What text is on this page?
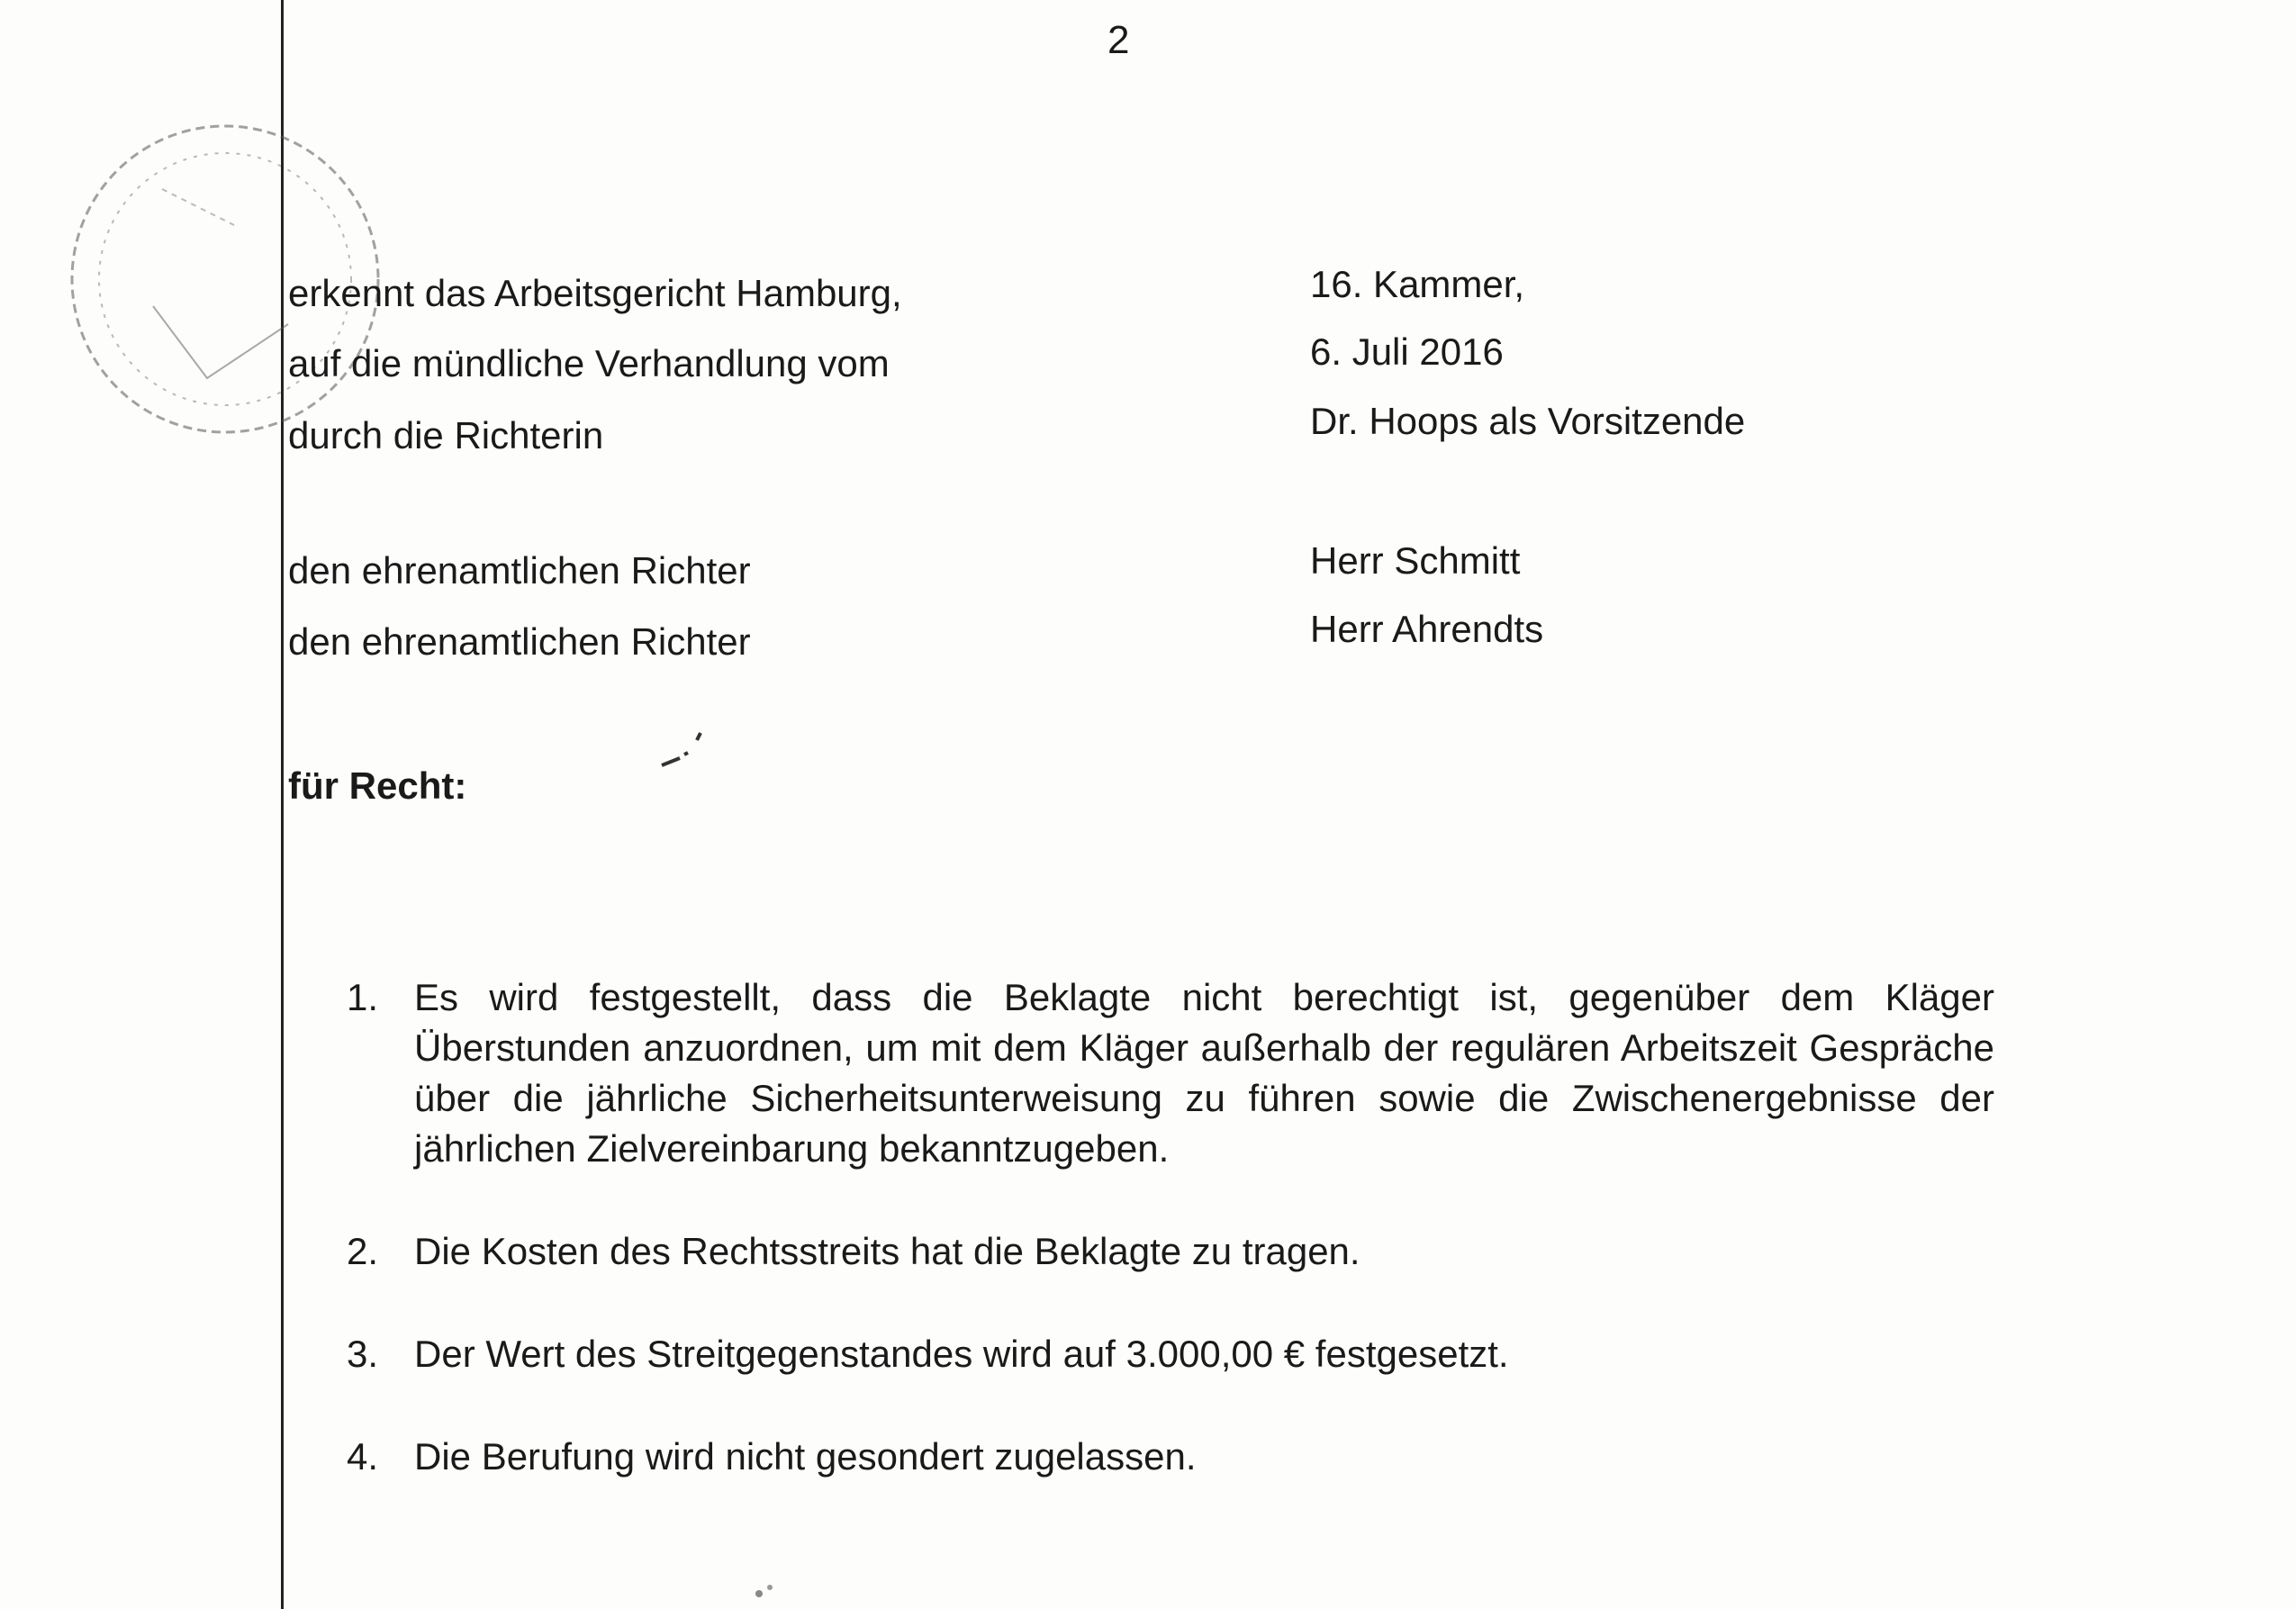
2
erkennt das Arbeitsgericht Hamburg,	16. Kammer,
auf die mündliche Verhandlung vom	6. Juli 2016
durch die Richterin	Dr. Hoops als Vorsitzende
den ehrenamtlichen Richter	Herr Schmitt
den ehrenamtlichen Richter	Herr Ahrendts
für Recht:
1. Es wird festgestellt, dass die Beklagte nicht berechtigt ist, gegenüber dem Kläger Überstunden anzuordnen, um mit dem Kläger außerhalb der regulären Arbeitszeit Gespräche über die jährliche Sicherheitsunterweisung zu führen sowie die Zwischenergebnisse der jährlichen Zielvereinbarung bekanntzugeben.
2. Die Kosten des Rechtsstreits hat die Beklagte zu tragen.
3. Der Wert des Streitgegenstandes wird auf 3.000,00 € festgesetzt.
4. Die Berufung wird nicht gesondert zugelassen.
